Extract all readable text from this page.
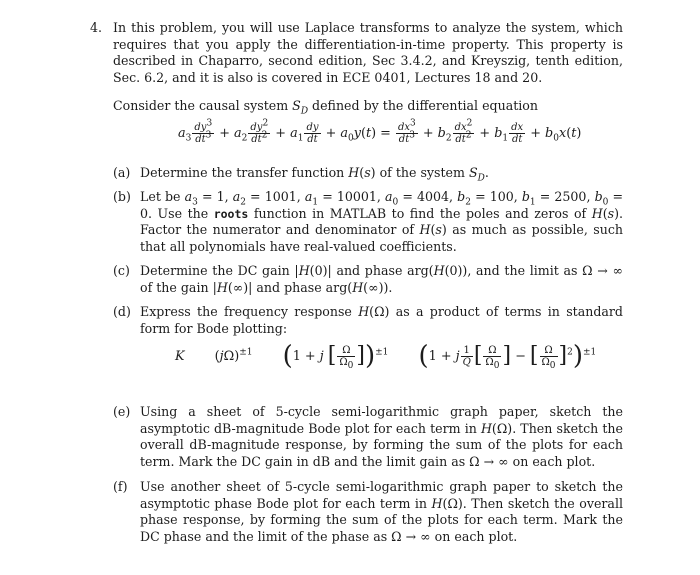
4. In this problem, you will use Laplace transforms to analyze the system, which requires that you apply the differentiation-in-time property. This property is described in Chaparro, second edition, Sec 3.4.2, and Kreyszig, tenth edition, Sec. 6.2, and it is also is covered in ECE 0401, Lectures 18 and 20.
Consider the causal system $S_D$ defined by the differential equation
$a_3 \frac{dy^3}{dt^3} + a_2 \frac{dy^2}{dt^2} + a_1 \frac{dy}{dt} + a_0y(t) = \frac{dx^3}{dt^3} + b_2 \frac{dx^2}{dt^2} + b_1 \frac{dx}{dt} + b_0x(t)$
(a) Determine the transfer function H(s) of the system $S_D$.
(b) Let be $a_3 = 1$, $a_2 = 1001$, $a_1 = 10001$, $a_0 = 4004$, $b_2 = 100$, $b_1 = 2500$, $b_0 = 0$. Use the roots function in MATLAB to find the poles and zeros of H(s). Factor the numerator and denominator of H(s) as much as possible, such that all polynomials have real-valued coefficients.
(c) Determine the DC gain |H(0)| and phase arg(H(0)), and the limit as Ω → ∞ of the gain |H(∞)| and phase arg(H(∞)).
(d) Express the frequency response H(Ω) as a product of terms in standard form for Bode plotting:
K $(j\Omega)^{\pm 1}$ (1 + j [ $\frac{\Omega}{\Omega_0} ])^{\pm 1}$ (1 + j $\frac{1}{Q}$ [ $\frac{\Omega}{\Omega_0}$ ] − [ $\frac{\Omega}{\Omega_0} ]^2)^{\pm 1}$
(e) Using a sheet of 5-cycle semi-logarithmic graph paper, sketch the asymptotic dB-magnitude Bode plot for each term in H(Ω). Then sketch the overall dB-magnitude response, by forming the sum of the plots for each term. Mark the DC gain in dB and the limit gain as Ω → ∞ on each plot.
(f) Use another sheet of 5-cycle semi-logarithmic graph paper to sketch the asymptotic phase Bode plot for each term in H(Ω). Then sketch the overall phase response, by forming the sum of the plots for each term. Mark the DC phase and the limit of the phase as Ω → ∞ on each plot.
